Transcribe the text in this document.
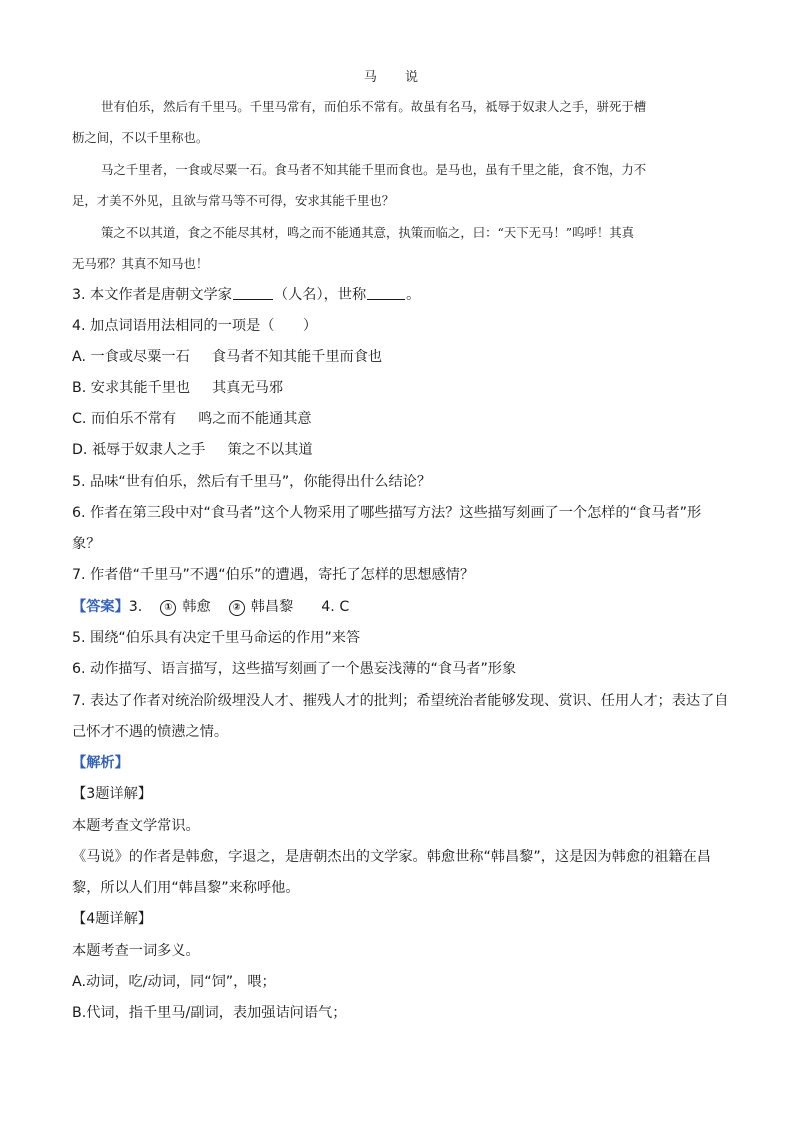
马 说
世有伯乐，然后有千里马。千里马常有，而伯乐不常有。故虽有名马，祗辱于奴隶人之手，骈死于槽
枥之间，不以千里称也。
马之千里者，一食或尽粟一石。食马者不知其能千里而食也。是马也，虽有千里之能，食不饱，力不
足，才美不外见，且欲与常马等不可得，安求其能千里也？
策之不以其道，食之不能尽其材，鸣之而不能通其意，执策而临之，曰：“天下无马！”呜呼！其真
无马邪？其真不知马也！
3. 本文作者是唐朝文学家	（人名），世称	。
4. 加点词语用法相同的一项是（　　）
A. 一食或尽粟一石 食马者不知其能千里而食也
B. 安求其能千里也 其真无马邪
C. 而伯乐不常有 鸣之而不能通其意
D. 祗辱于奴隶人之手 策之不以其道
5. 品味“世有伯乐，然后有千里马”，你能得出什么结论？
6. 作者在第三段中对“食马者”这个人物采用了哪些描写方法？这些描写刻画了一个怎样的“食马者”形
象？
7. 作者借“千里马”不遇“伯乐”的遭遇，寄托了怎样的思想感情？
【答案】3. ① 韩愈 ② 韩昌黎 4. C
5. 围绕“伯乐具有决定千里马命运的作用”来答
6. 动作描写、语言描写，这些描写刻画了一个愚妄浅薄的“食马者”形象
7. 表达了作者对统治阶级埋没人才、摧残人才的批判；希望统治者能够发现、赏识、任用人才；表达了自
己怀才不遇的愤懑之情。
【解析】
【3题详解】
本题考查文学常识。
《马说》的作者是韩愈，字退之，是唐朝杰出的文学家。韩愈世称“韩昌黎”，这是因为韩愈的祖籍在昌
黎，所以人们用“韩昌黎”来称呼他。
【4题详解】
本题考查一词多义。
A.动词，吃/动词，同“饲”，喂；
B.代词，指千里马/副词，表加强诘问语气；
